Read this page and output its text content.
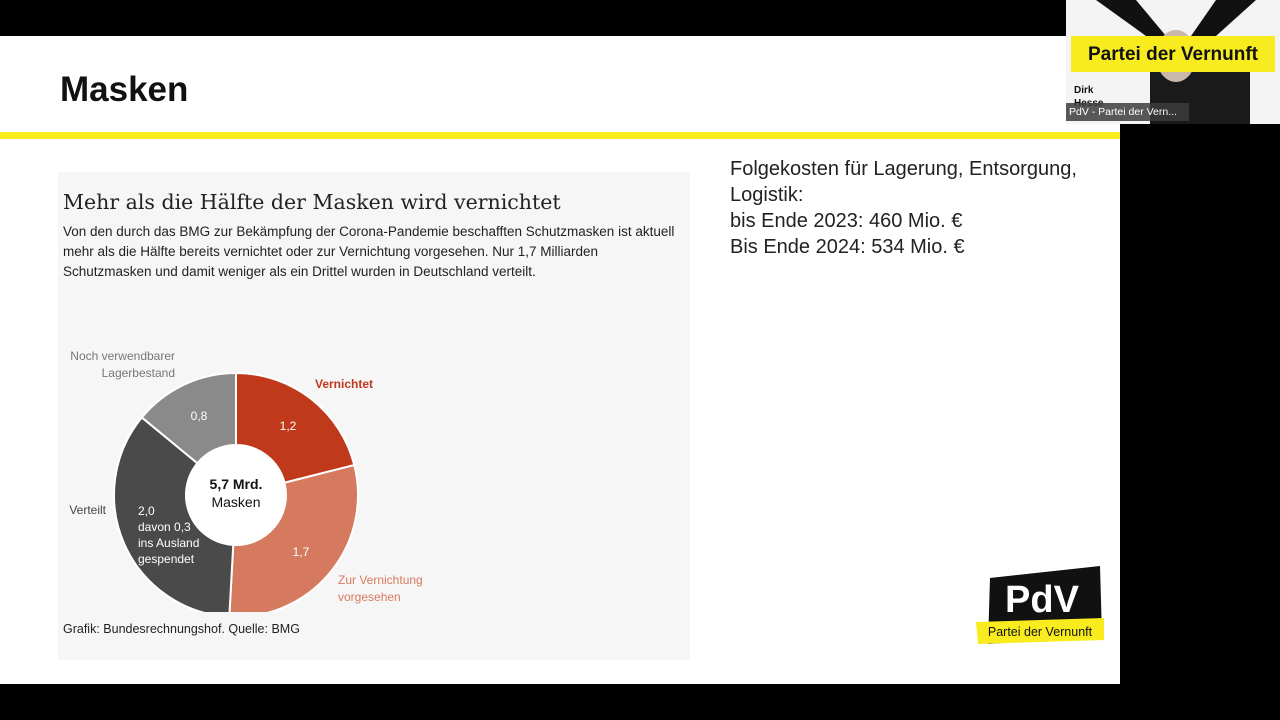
Masken
Mehr als die Hälfte der Masken wird vernichtet
Von den durch das BMG zur Bekämpfung der Corona-Pandemie beschafften Schutzmasken ist aktuell mehr als die Hälfte bereits vernichtet oder zur Vernichtung vorgesehen. Nur 1,7 Milliarden Schutzmasken und damit weniger als ein Drittel wurden in Deutschland verteilt.
1,2
Vernichtet
1,7
Zur Vernichtung
vorgesehen
2,0
davon 0,3
ins Ausland
gespendet
Verteilt
0,8
Noch verwendbarer
Lagerbestand
5,7 Mrd.
Masken
Grafik: Bundesrechnungshof. Quelle: BMG
Folgekosten für Lagerung, Entsorgung,
Logistik:
bis Ende 2023: 460 Mio. €
Bis Ende 2024: 534 Mio. €
PdV
Partei der Vernunft
Partei der Vernunft
Dirk
PdV - Partei der Vern...
